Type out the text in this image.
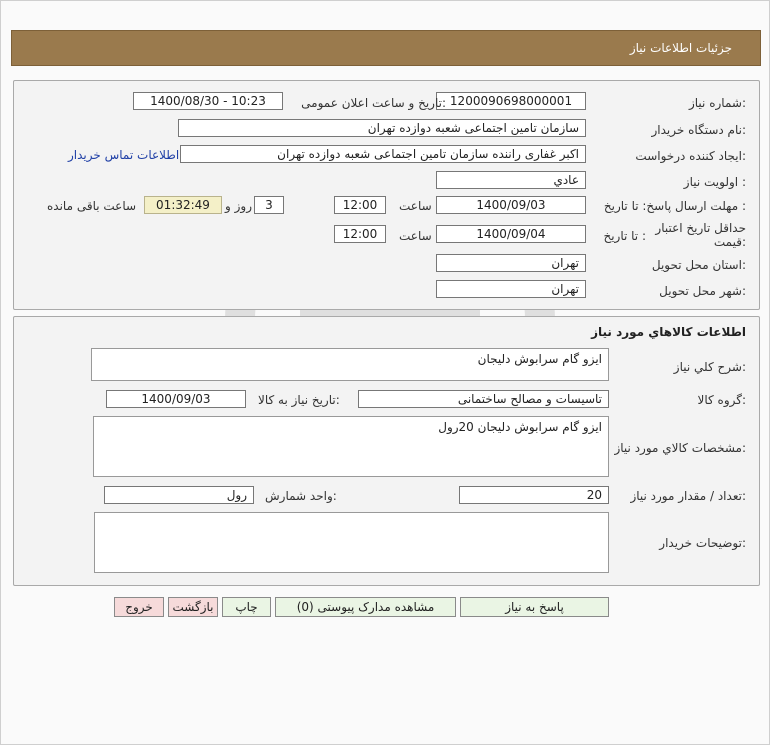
جزئیات اطلاعات نیاز
شماره نیاز:
1200090698000001
تاریخ و ساعت اعلان عمومی:
1400/08/30 - 10:23
نام دستگاه خریدار:
سازمان تامین اجتماعی شعبه دوازده تهران
ایجاد کننده درخواست:
اکبر غفاری راننده سازمان تامین اجتماعی شعبه دوازده تهران
اطلاعات تماس خریدار
اولویت نیاز :
عادي
مهلت ارسال پاسخ: تا تاریخ :
1400/09/03
ساعت
12:00
3
روز و
01:32:49
ساعت باقی مانده
حداقل تاریخ اعتبار
قیمت:
تا تاریخ :
1400/09/04
ساعت
12:00
استان محل تحویل:
تهران
شهر محل تحویل:
تهران
اطلاعات کالاهاي مورد نياز
شرح کلي نياز:
ایزو گام سرابوش دلیجان
گروه کالا:
تاسیسات و مصالح ساختمانی
تاریخ نیاز به کالا:
1400/09/03
مشخصات کالاي مورد نياز:
ایزو گام سرابوش دلیجان 20رول
تعداد / مقدار مورد نیاز:
20
واحد شمارش:
رول
توضیحات خریدار:
پاسخ به نیاز
مشاهده مدارک پیوستی (0)
چاپ
بازگشت
خروج
